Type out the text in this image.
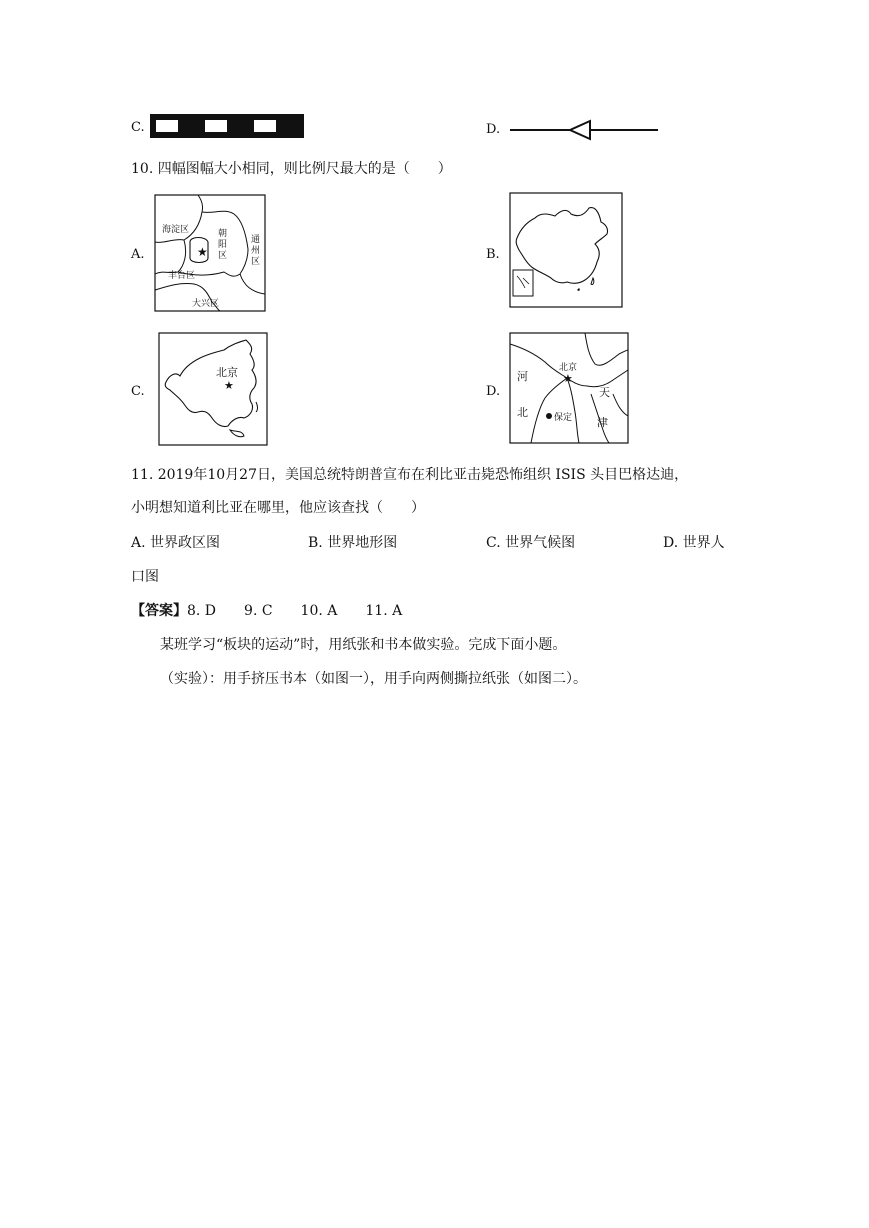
C.	D.
10. 四幅图幅大小相同，则比例尺最大的是（　　）
A.	★
海淀区	朝
阳
区
通
州
区
丰台区
大兴区
B.
C.
北京
★	D.
★
北京
河
北
天
津
保定
11. 2019年10月27日，美国总统特朗普宣布在利比亚击毙恐怖组织 ISIS 头目巴格达迪，
小明想知道利比亚在哪里，他应该查找（　　）
A. 世界政区图	B. 世界地形图	C. 世界气候图	D. 世界人
口图
【答案】8. D　　9. C　　10. A　　11. A
某班学习“板块的运动”时，用纸张和书本做实验。完成下面小题。
（实验）：用手挤压书本（如图一），用手向两侧撕拉纸张（如图二）。
